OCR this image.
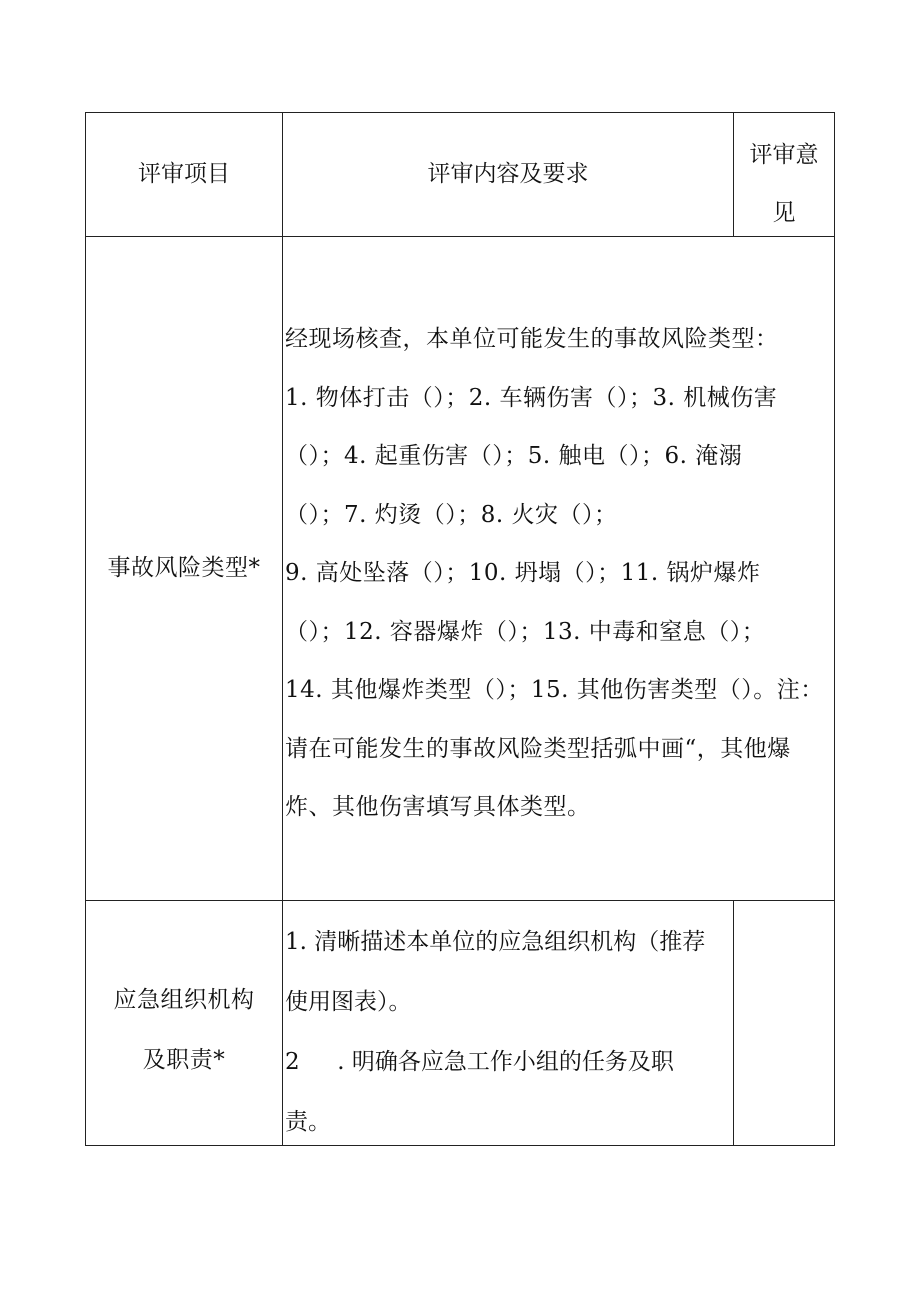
评审项目	评审内容及要求
评审意
见
事故风险类型*
经现场核查，本单位可能发生的事故风险类型：
1. 物体打击（）；2. 车辆伤害（）；3. 机械伤害
（）；4. 起重伤害（）；5. 触电（）；6. 淹溺
（）；7. 灼烫（）；8. 火灾（）；
9. 高处坠落（）；10. 坍塌（）；11. 锅炉爆炸
（）；12. 容器爆炸（）；13. 中毒和窒息（）；
14. 其他爆炸类型（）；15. 其他伤害类型（）。注：
请在可能发生的事故风险类型括弧中画“，其他爆
炸、其他伤害填写具体类型。
应急组织机构
及职责*
1. 清晰描述本单位的应急组织机构（推荐
使用图表）。
2  　. 明确各应急工作小组的任务及职
责。
